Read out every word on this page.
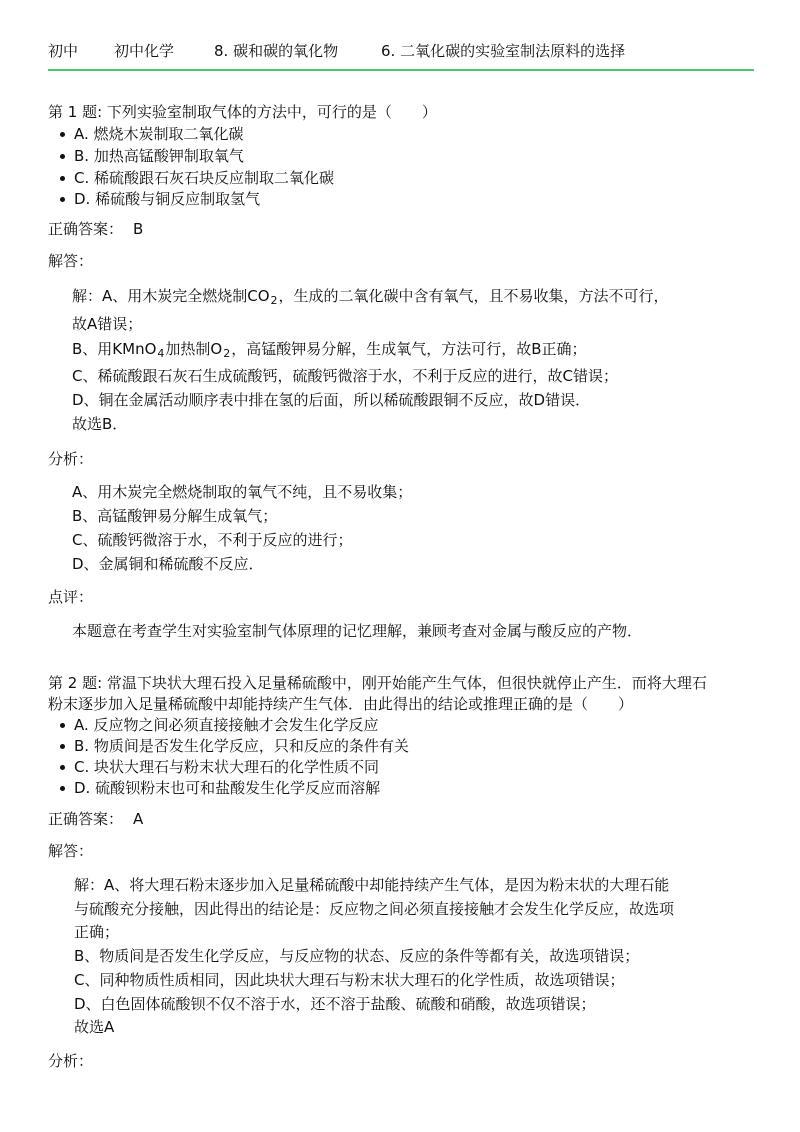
初中 初中化学	8. 碳和碳的氧化物	6. 二氧化碳的实验室制法原料的选择
第 1 题: 下列实验室制取气体的方法中，可行的是（　　）
A. 燃烧木炭制取二氧化碳
B. 加热高锰酸钾制取氧气
C. 稀硫酸跟石灰石块反应制取二氧化碳
D. 稀硫酸与铜反应制取氢气
正确答案： B
解答：
解：A、用木炭完全燃烧制$CO_2$，生成的二氧化碳中含有氧气，且不易收集，方法不可行，
故A错误；
B、用KMnO$_4$加热制$O_2$，高锰酸钾易分解，生成氧气，方法可行，故B正确；
C、稀硫酸跟石灰石生成硫酸钙，硫酸钙微溶于水，不利于反应的进行，故C错误；
D、铜在金属活动顺序表中排在氢的后面，所以稀硫酸跟铜不反应，故D错误．
故选B．
分析：
A、用木炭完全燃烧制取的氧气不纯，且不易收集；
B、高锰酸钾易分解生成氧气；
C、硫酸钙微溶于水，不利于反应的进行；
D、金属铜和稀硫酸不反应．
点评：
本题意在考查学生对实验室制气体原理的记忆理解，兼顾考查对金属与酸反应的产物．
第 2 题: 常温下块状大理石投入足量稀硫酸中，刚开始能产生气体，但很快就停止产生．而将大理石
粉末逐步加入足量稀硫酸中却能持续产生气体．由此得出的结论或推理正确的是（　　）
A. 反应物之间必须直接接触才会发生化学反应
B. 物质间是否发生化学反应，只和反应的条件有关
C. 块状大理石与粉末状大理石的化学性质不同
D. 硫酸钡粉末也可和盐酸发生化学反应而溶解
正确答案： A
解答：
解：A、将大理石粉末逐步加入足量稀硫酸中却能持续产生气体，是因为粉末状的大理石能
与硫酸充分接触，因此得出的结论是：反应物之间必须直接接触才会发生化学反应，故选项
正确；
B、物质间是否发生化学反应，与反应物的状态、反应的条件等都有关，故选项错误；
C、同种物质性质相同，因此块状大理石与粉末状大理石的化学性质，故选项错误；
D、白色固体硫酸钡不仅不溶于水，还不溶于盐酸、硫酸和硝酸，故选项错误；
故选A
分析：
